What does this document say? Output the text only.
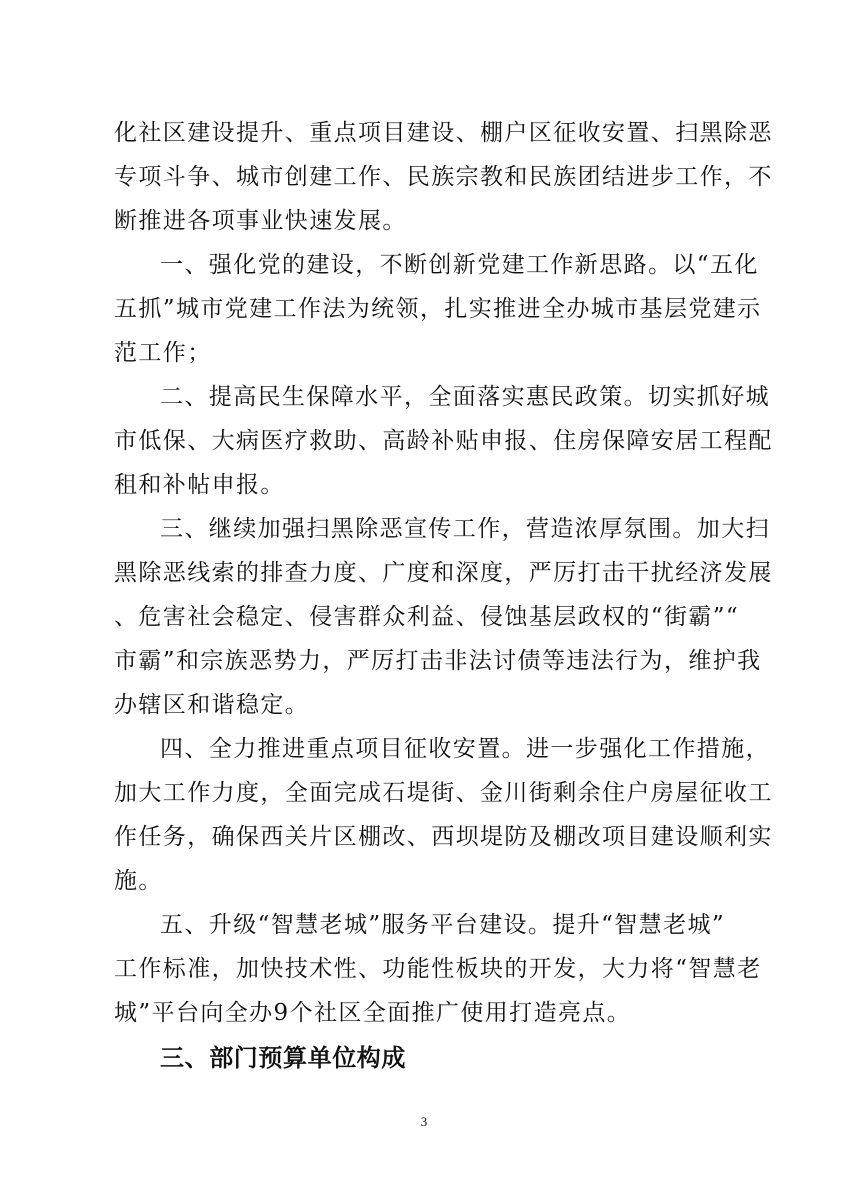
化社区建设提升、重点项目建设、棚户区征收安置、扫黑除恶
专项斗争、城市创建工作、民族宗教和民族团结进步工作，不
断推进各项事业快速发展。
一、强化党的建设，不断创新党建工作新思路。以“五化
五抓”城市党建工作法为统领，扎实推进全办城市基层党建示
范工作；
二、提高民生保障水平，全面落实惠民政策。切实抓好城
市低保、大病医疗救助、高龄补贴申报、住房保障安居工程配
租和补帖申报。
三、继续加强扫黑除恶宣传工作，营造浓厚氛围。加大扫
黑除恶线索的排查力度、广度和深度，严厉打击干扰经济发展
、危害社会稳定、侵害群众利益、侵蚀基层政权的“街霸”“
市霸”和宗族恶势力，严厉打击非法讨债等违法行为，维护我
办辖区和谐稳定。
四、全力推进重点项目征收安置。进一步强化工作措施，
加大工作力度，全面完成石堤街、金川街剩余住户房屋征收工
作任务，确保西关片区棚改、西坝堤防及棚改项目建设顺利实
施。
五、升级“智慧老城”服务平台建设。提升“智慧老城”
工作标准，加快技术性、功能性板块的开发，大力将“智慧老
城”平台向全办9个社区全面推广使用打造亮点。
三、部门预算单位构成
3
